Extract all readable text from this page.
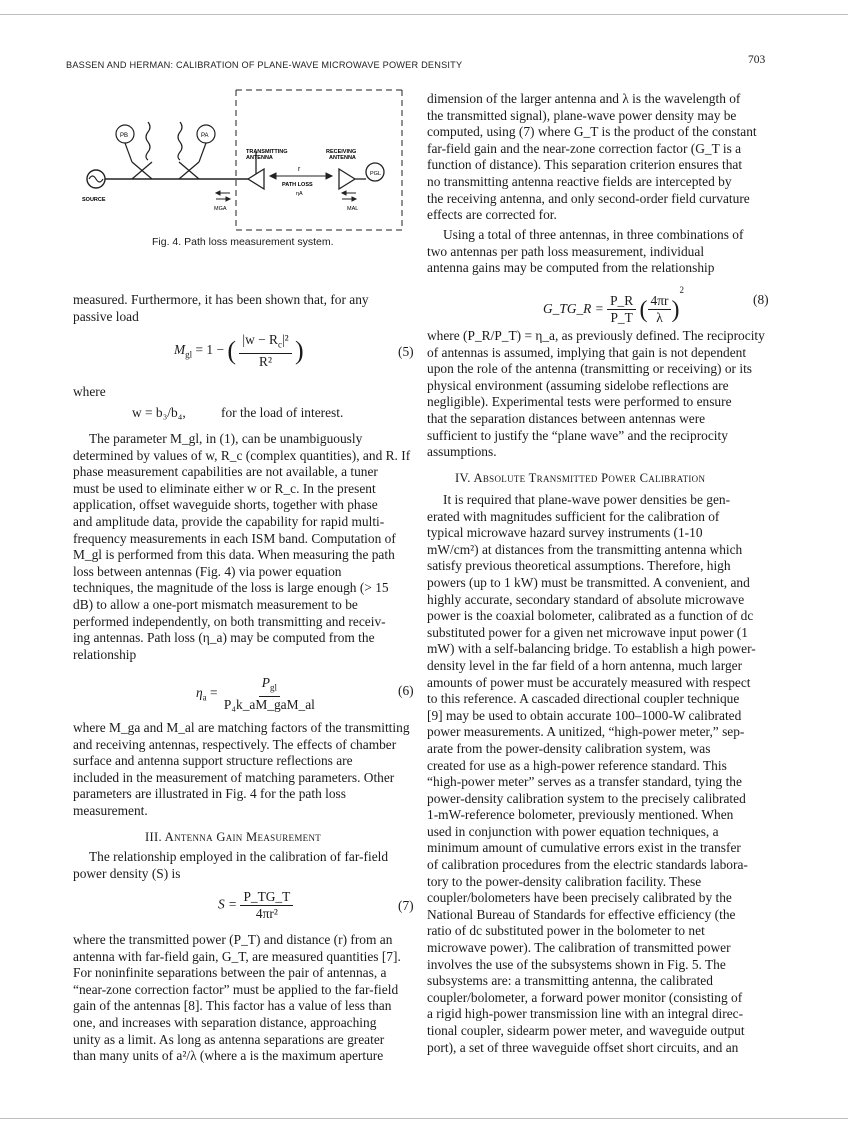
BASSEN AND HERMAN: CALIBRATION OF PLANE-WAVE MICROWAVE POWER DENSITY	703
PB	PA
TRANSMITTING
ANTENNA
RECEIVING
ANTENNA
PGL
r
PATH LOSS
ηA
SOURCE
MGA	MAL
Fig. 4. Path loss measurement system.
measured. Furthermore, it has been shown that, for any
passive load
$M_{gl} = 1$ − ( $\frac{|w - R_c|^2}{\text{R²}}$ )	(5)
where
w = b₃/b₄,	for the load of interest.
The parameter M_gl, in (1), can be unambiguously
determined by values of w, R_c (complex quantities), and R. If
phase measurement capabilities are not available, a tuner
must be used to eliminate either w or R_c. In the present
application, offset waveguide shorts, together with phase
and amplitude data, provide the capability for rapid multi-
frequency measurements in each ISM band. Computation of
M_gl is performed from this data. When measuring the path
loss between antennas (Fig. 4) via power equation
techniques, the magnitude of the loss is large enough (> 15
dB) to allow a one-port mismatch measurement to be
performed independently, on both transmitting and receiv-
ing antennas. Path loss (η_a) may be computed from the
relationship
$\eta_a = \frac{P_{gl}}{\text{P₄k\_aM\_gaM\_al}}$	(6)
where M_ga and M_al are matching factors of the transmitting
and receiving antennas, respectively. The effects of chamber
surface and antenna support structure reflections are
included in the measurement of matching parameters. Other
parameters are illustrated in Fig. 4 for the path loss
measurement.
III. Antenna Gain Measurement
The relationship employed in the calibration of far-field
power density (S) is
$S = \frac{P\_TG\_T}{\text{4πr²}}$	(7)
where the transmitted power (P_T) and distance (r) from an
antenna with far-field gain, G_T, are measured quantities [7].
For noninfinite separations between the pair of antennas, a
“near-zone correction factor” must be applied to the far-field
gain of the antennas [8]. This factor has a value of less than
one, and increases with separation distance, approaching
unity as a limit. As long as antenna separations are greater
than many units of a²/λ (where a is the maximum aperture
dimension of the larger antenna and λ is the wavelength of
the transmitted signal), plane-wave power density may be
computed, using (7) where G_T is the product of the constant
far-field gain and the near-zone correction factor (G_T is a
function of distance). This separation criterion ensures that
no transmitting antenna reactive fields are intercepted by
the receiving antenna, and only second-order field curvature
effects are corrected for.
Using a total of three antennas, in three combinations of
two antennas per path loss measurement, individual
antenna gains may be computed from the relationship
G_TG_R = $\frac{P\_R}{P\_T}$ ( $\frac{4\pi r}{\lambda} )^2$
(8)
where (P_R/P_T) = η_a, as previously defined. The reciprocity
of antennas is assumed, implying that gain is not dependent
upon the role of the antenna (transmitting or receiving) or its
physical environment (assuming sidelobe reflections are
negligible). Experimental tests were performed to ensure
that the separation distances between antennas were
sufficient to justify the “plane wave” and the reciprocity
assumptions.
IV. Absolute Transmitted Power Calibration
It is required that plane-wave power densities be gen-
erated with magnitudes sufficient for the calibration of
typical microwave hazard survey instruments (1-10
mW/cm²) at distances from the transmitting antenna which
satisfy previous theoretical assumptions. Therefore, high
powers (up to 1 kW) must be transmitted. A convenient, and
highly accurate, secondary standard of absolute microwave
power is the coaxial bolometer, calibrated as a function of dc
substituted power for a given net microwave input power (1
mW) with a self-balancing bridge. To establish a high power-
density level in the far field of a horn antenna, much larger
amounts of power must be accurately measured with respect
to this reference. A cascaded directional coupler technique
[9] may be used to obtain accurate 100–1000-W calibrated
power measurements. A unitized, “high-power meter,” sep-
arate from the power-density calibration system, was
created for use as a high-power reference standard. This
“high-power meter” serves as a transfer standard, tying the
power-density calibration system to the precisely calibrated
1-mW-reference bolometer, previously mentioned. When
used in conjunction with power equation techniques, a
minimum amount of cumulative errors exist in the transfer
of calibration procedures from the electric standards labora-
tory to the power-density calibration facility. These
coupler/bolometers have been precisely calibrated by the
National Bureau of Standards for effective efficiency (the
ratio of dc substituted power in the bolometer to net
microwave power). The calibration of transmitted power
involves the use of the subsystems shown in Fig. 5. The
subsystems are: a transmitting antenna, the calibrated
coupler/bolometer, a forward power monitor (consisting of
a rigid high-power transmission line with an integral direc-
tional coupler, sidearm power meter, and waveguide output
port), a set of three waveguide offset short circuits, and an
